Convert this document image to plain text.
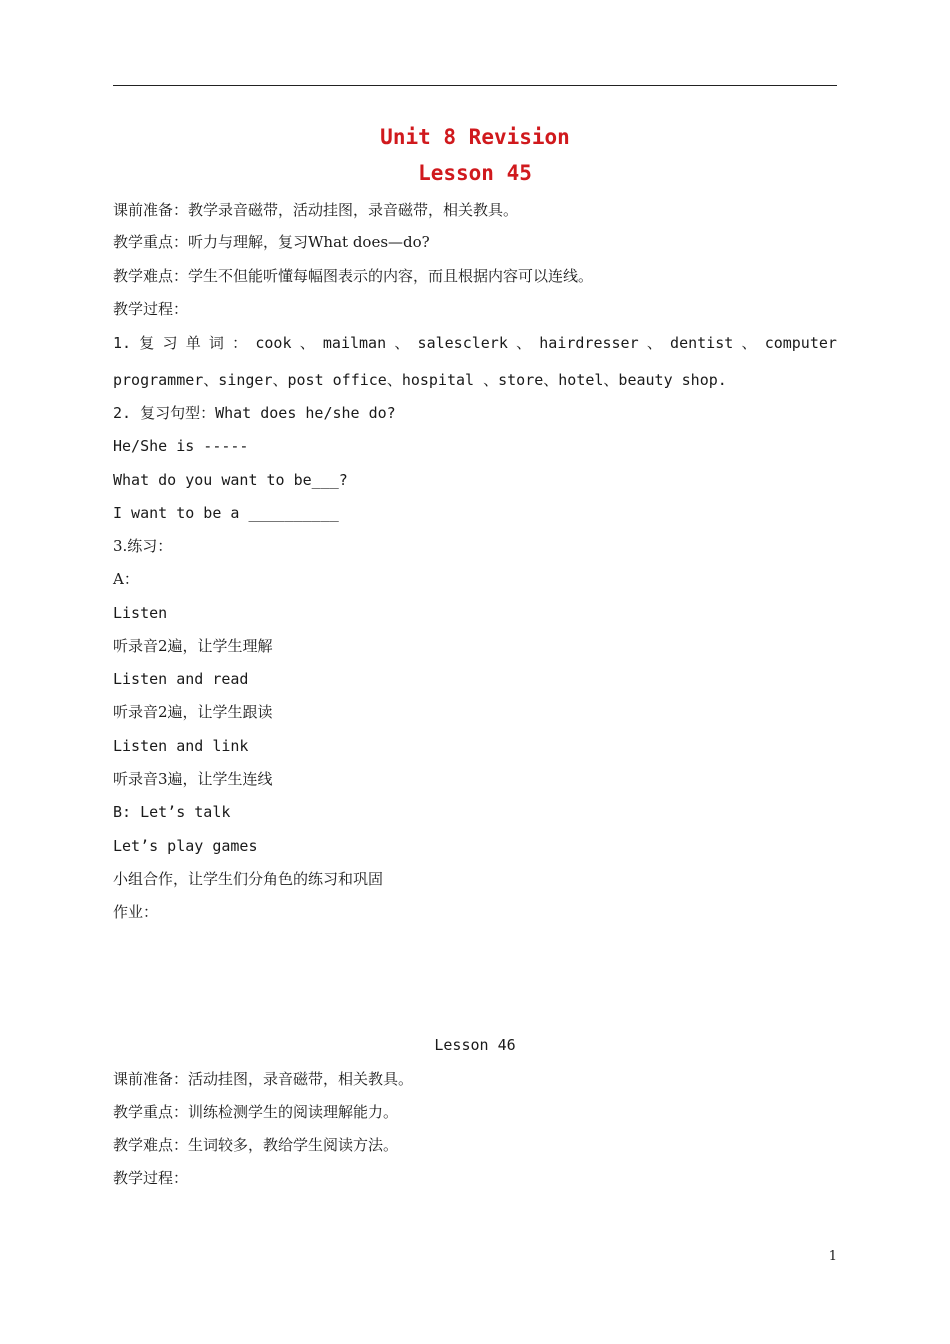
Unit 8 Revision
Lesson 45
课前准备：教学录音磁带，活动挂图，录音磁带，相关教具。
教学重点：听力与理解，复习What does—do?
教学难点：学生不但能听懂每幅图表示的内容，而且根据内容可以连线。
教学过程：
1. 复 习 单 词 ： cook 、 mailman 、 salesclerk 、 hairdresser 、 dentist 、 computer
programmer、singer、post office、hospital 、store、hotel、beauty shop.
2. 复习句型：What does he/she do?
He/She is -----
What do you want to be___?
I want to be a __________
3.练习：
A：
Listen
听录音2遍，让学生理解
Listen and read
听录音2遍，让学生跟读
Listen and link
听录音3遍，让学生连线
B: Let’s talk
Let’s play games
小组合作，让学生们分角色的练习和巩固
作业：
Lesson 46
课前准备：活动挂图，录音磁带，相关教具。
教学重点：训练检测学生的阅读理解能力。
教学难点：生词较多，教给学生阅读方法。
教学过程：
1
